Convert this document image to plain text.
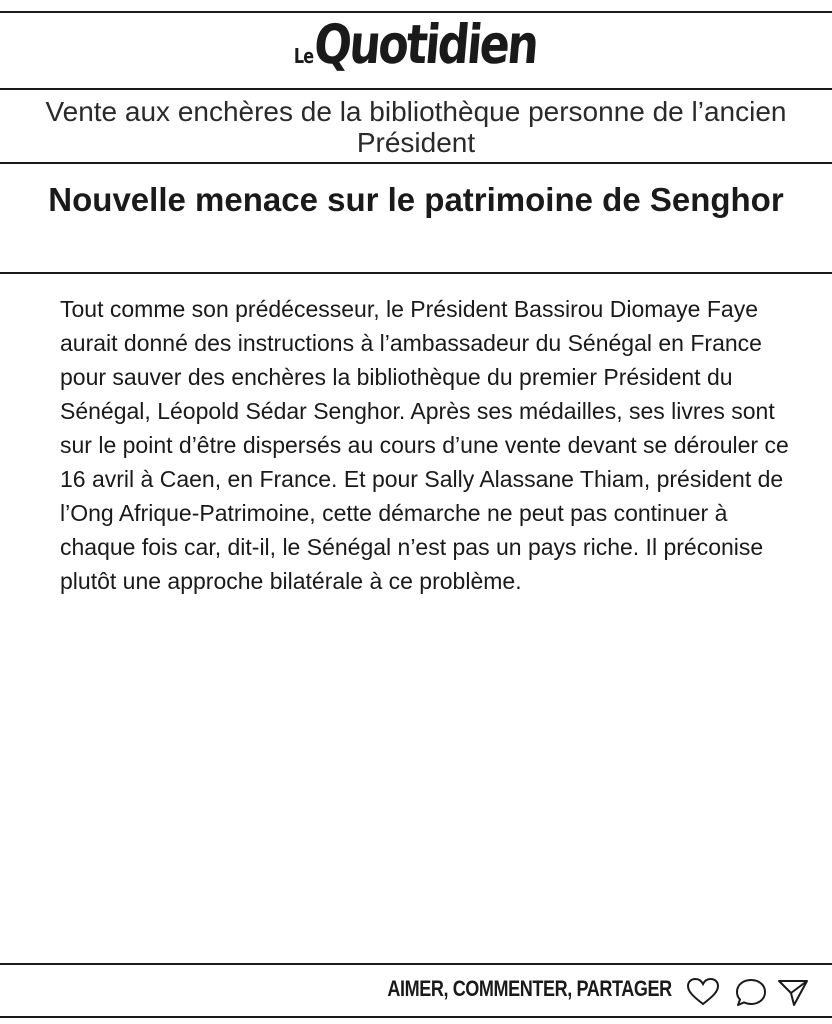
LeQuotidien
Vente aux enchères de la bibliothèque personne de l’ancien Président
Nouvelle menace sur le patrimoine de Senghor

Tout comme son prédécesseur, le Président Bassirou Diomaye Faye aurait donné des instructions à l’ambassadeur du Sénégal en France pour sauver des enchères la bibliothèque du premier Président du Sénégal, Léopold Sédar Senghor. Après ses médailles, ses livres sont sur le point d’être dispersés au cours d’une vente devant se dérouler ce 16 avril à Caen, en France. Et pour Sally Alassane Thiam, président de l’Ong Afrique-Patrimoine, cette démarche ne peut pas continuer à chaque fois car, dit-il, le Sénégal n’est pas un pays riche. Il préconise plutôt une approche bilatérale à ce problème.

AIMER, COMMENTER, PARTAGER
